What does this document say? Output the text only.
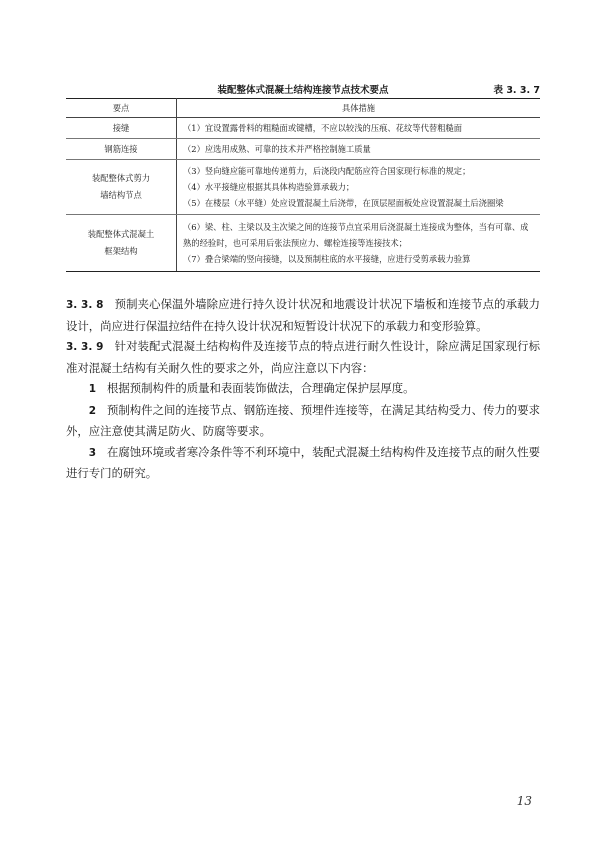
装配整体式混凝土结构连接节点技术要点	表 3. 3. 7
要点	具体措施
接缝	（1）宜设置露骨料的粗糙面或键槽，不应以较浅的压痕、花纹等代替粗糙面

钢筋连接	（2）应选用成熟、可靠的技术并严格控制施工质量

装配整体式剪力
墙结构节点	（3）竖向缝应能可靠地传递剪力，后浇段内配筋应符合国家现行标准的规定；
（4）水平接缝应根据其具体构造验算承载力；
（5）在楼层（水平缝）处应设置混凝土后浇带，在顶层屋面板处应设置混凝土后浇圈梁

装配整体式混凝土
框架结构	（6）梁、柱、主梁以及主次梁之间的连接节点宜采用后浇混凝土连接成为整体，当有可靠、成熟的经验时，也可采用后张法预应力、螺栓连接等连接技术；
（7）叠合梁端的竖向接缝，以及预制柱底的水平接缝，应进行受剪承载力验算

3. 3. 8 预制夹心保温外墙除应进行持久设计状况和地震设计状况下墙板和连接节点的承载力设计，尚应进行保温拉结件在持久设计状况和短暂设计状况下的承载力和变形验算。

3. 3. 9 针对装配式混凝土结构构件及连接节点的特点进行耐久性设计，除应满足国家现行标准对混凝土结构有关耐久性的要求之外，尚应注意以下内容：

1 根据预制构件的质量和表面装饰做法，合理确定保护层厚度。

2 预制构件之间的连接节点、钢筋连接、预埋件连接等，在满足其结构受力、传力的要求外，应注意使其满足防火、防腐等要求。

3 在腐蚀环境或者寒冷条件等不利环境中，装配式混凝土结构构件及连接节点的耐久性要进行专门的研究。

13
